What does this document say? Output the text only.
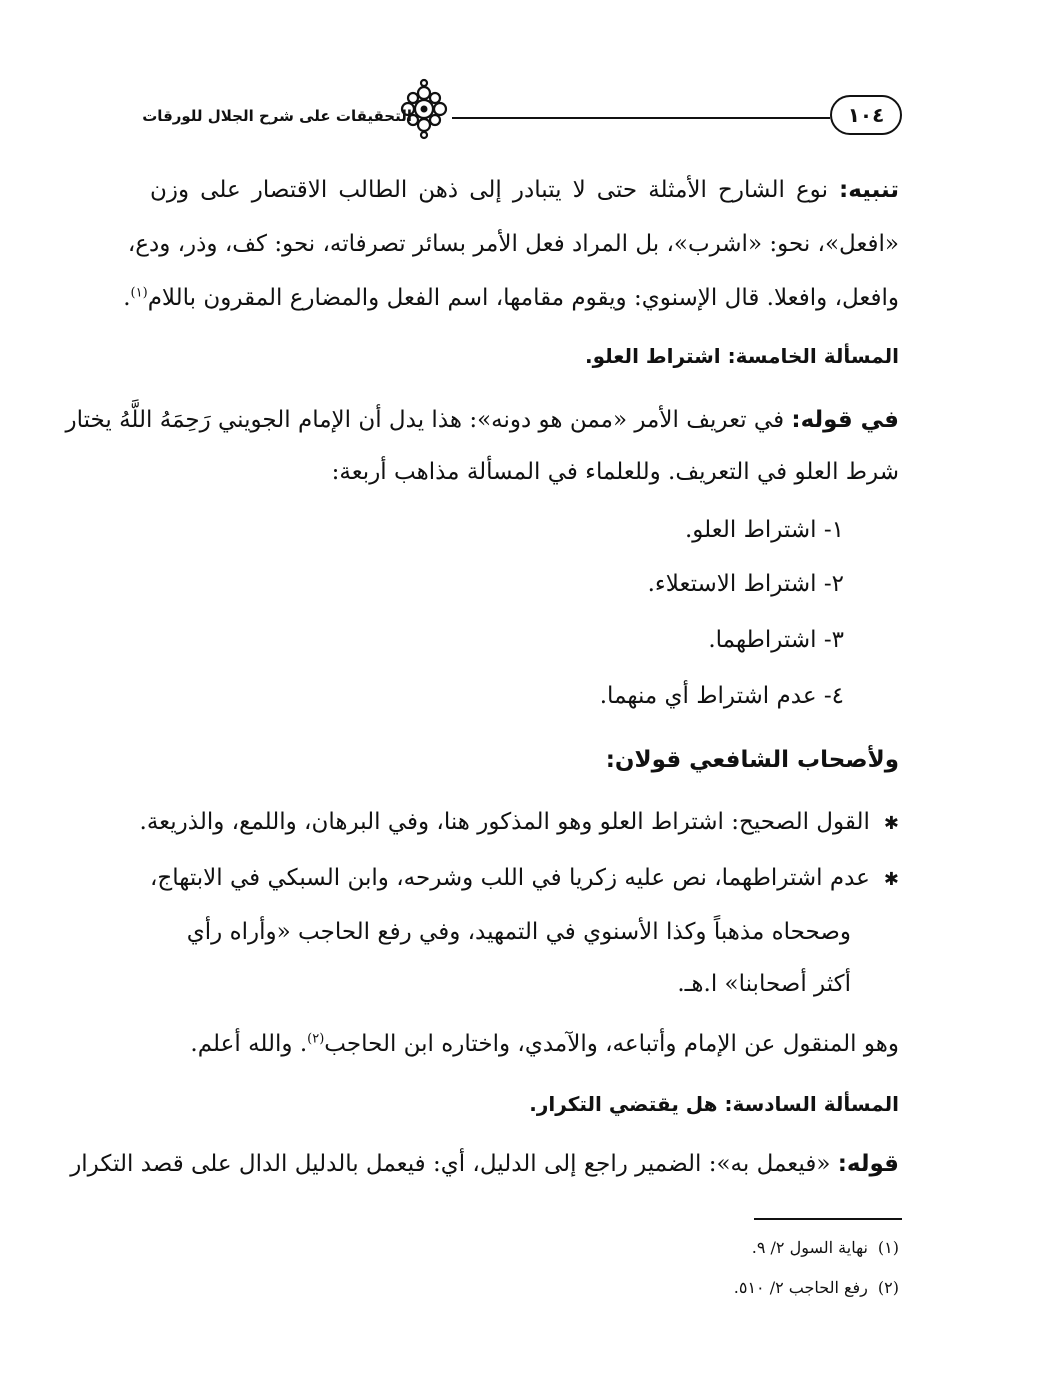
١٠٤
التحقيقات على شرح الجلال للورقات
تنبيه: نوع الشارح الأمثلة حتى لا يتبادر إلى ذهن الطالب الاقتصار على وزن
«افعل»، نحو: «اشرب»، بل المراد فعل الأمر بسائر تصرفاته، نحو: كف، وذر، ودع،
وافعل، وافعلا. قال الإسنوي: ويقوم مقامها، اسم الفعل والمضارع المقرون باللام$^{(١)}$.
المسألة الخامسة: اشتراط العلو.
في قوله: في تعريف الأمر «ممن هو دونه»: هذا يدل أن الإمام الجويني رَحِمَهُ اللَّهُ يختار
شرط العلو في التعريف. وللعلماء في المسألة مذاهب أربعة:
١- اشتراط العلو.
٢- اشتراط الاستعلاء.
٣- اشتراطهما.
٤- عدم اشتراط أي منهما.
ولأصحاب الشافعي قولان:
✱القول الصحيح: اشتراط العلو وهو المذكور هنا، وفي البرهان، واللمع، والذريعة.
✱عدم اشتراطهما، نص عليه زكريا في اللب وشرحه، وابن السبكي في الابتهاج،
وصححاه مذهباً وكذا الأسنوي في التمهيد، وفي رفع الحاجب «وأراه رأي
أكثر أصحابنا» ا.هـ.
وهو المنقول عن الإمام وأتباعه، والآمدي، واختاره ابن الحاجب$^{(٢)}$. والله أعلم.
المسألة السادسة: هل يقتضي التكرار.
قوله: «فيعمل به»: الضمير راجع إلى الدليل، أي: فيعمل بالدليل الدال على قصد التكرار
(١)نهاية السول ٢/ ٩.
(٢)رفع الحاجب ٢/ ٥١٠.
